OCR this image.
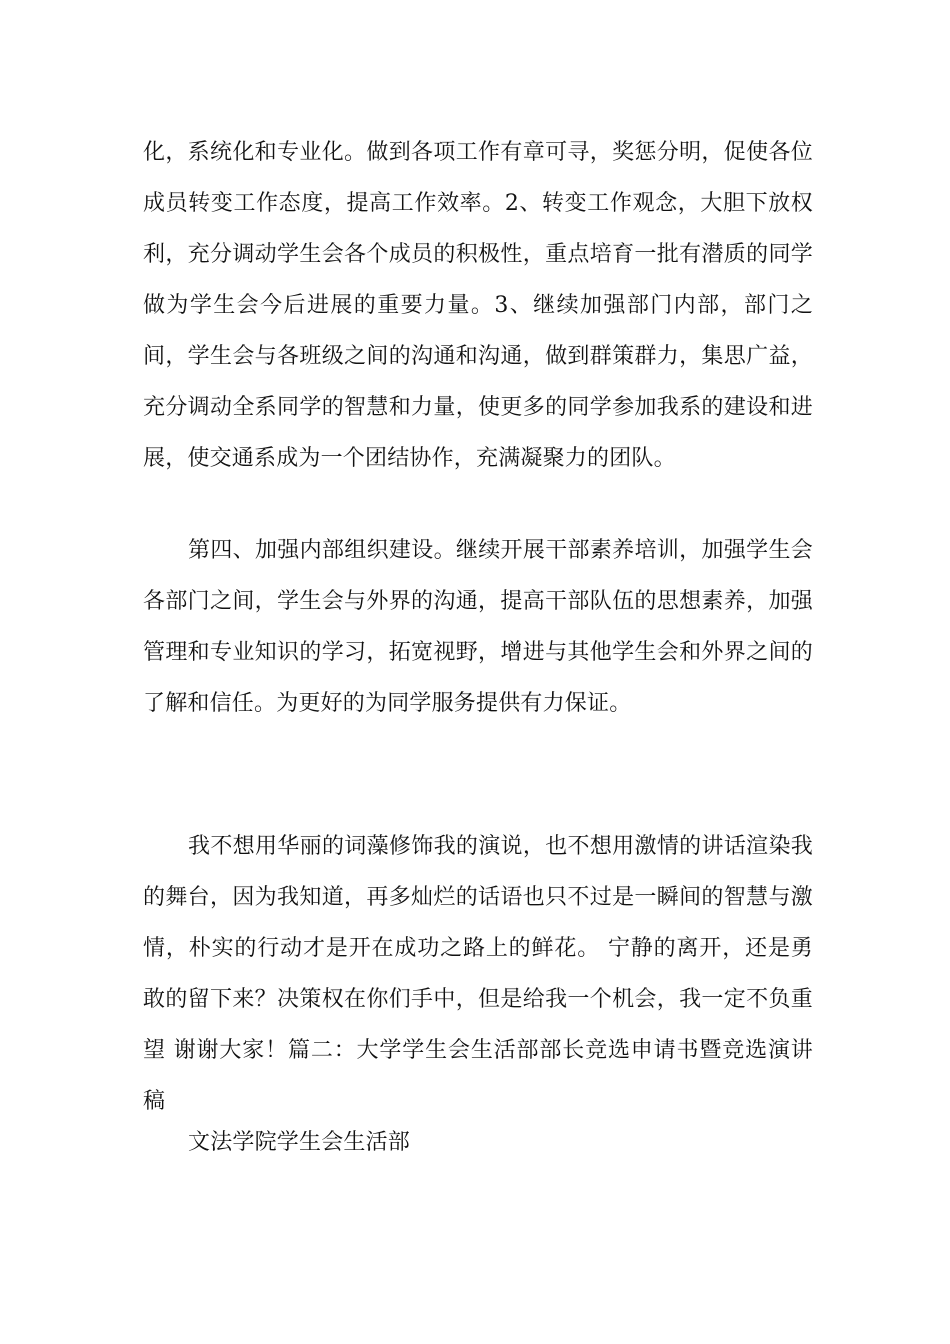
化，系统化和专业化。做到各项工作有章可寻，奖惩分明，促使各位成员转变工作态度，提高工作效率。2、转变工作观念，大胆下放权利，充分调动学生会各个成员的积极性，重点培育一批有潜质的同学做为学生会今后进展的重要力量。3、继续加强部门内部，部门之间，学生会与各班级之间的沟通和沟通，做到群策群力，集思广益，充分调动全系同学的智慧和力量，使更多的同学参加我系的建设和进展，使交通系成为一个团结协作，充满凝聚力的团队。

第四、加强内部组织建设。继续开展干部素养培训，加强学生会各部门之间，学生会与外界的沟通，提高干部队伍的思想素养，加强管理和专业知识的学习，拓宽视野，增进与其他学生会和外界之间的了解和信任。为更好的为同学服务提供有力保证。

我不想用华丽的词藻修饰我的演说，也不想用激情的讲话渲染我的舞台，因为我知道，再多灿烂的话语也只不过是一瞬间的智慧与激情，朴实的行动才是开在成功之路上的鲜花。 宁静的离开，还是勇敢的留下来？决策权在你们手中，但是给我一个机会，我一定不负重望 谢谢大家！篇二：大学学生会生活部部长竞选申请书暨竞选演讲稿

文法学院学生会生活部
